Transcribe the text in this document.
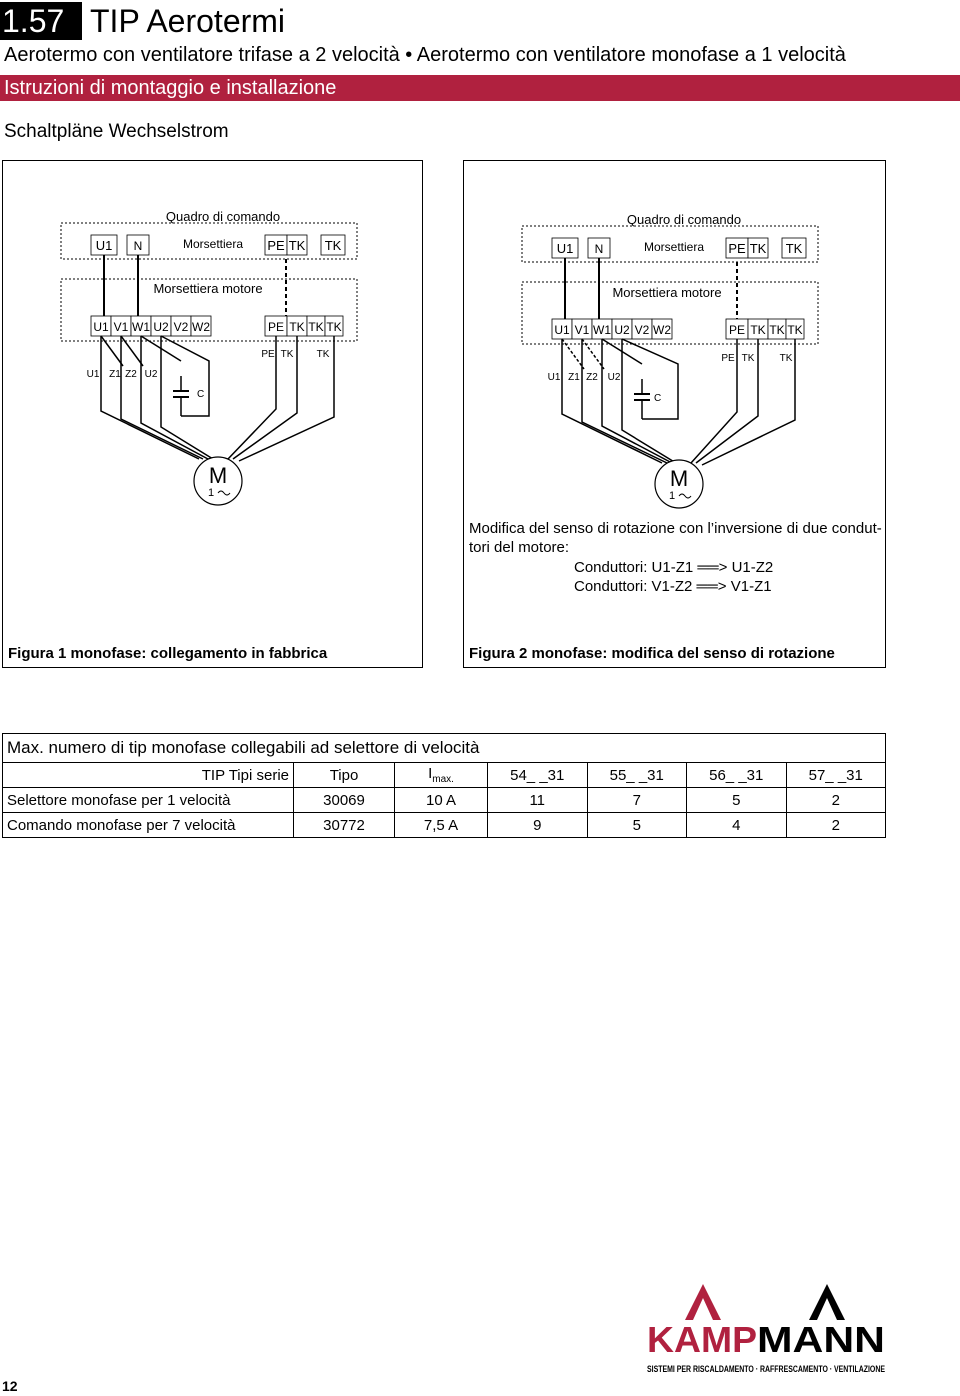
1.57 TIP Aerotermi
Aerotermo con ventilatore trifase a 2 velocità • Aerotermo con ventilatore monofase a 1 velocità
Istruzioni di montaggio e installazione
Schaltpläne Wechselstrom
Quadro di comando
U1 N	Morsettiera PE TK TK
Morsettiera motore
U1 V1 W1 U2 V2 W2	PE TK TK TK
U1 Z1 Z2 U2
PE TK TK
C
M
1
Figura 1 monofase: collegamento in fabbrica
Quadro di comando
U1 N	Morsettiera PE TK TK
Morsettiera motore
U1 V1 W1 U2 V2 W2	PE TK TK TK
U1 Z1 Z2 U2
PE TK	TK
C
M
1
Modifica del senso di rotazione con l’inversione di due condut-
tori del motore:
Conduttori: U1-Z1 ══> U1-Z2
Conduttori: V1-Z2 ══> V1-Z1
Figura 2 monofase: modifica del senso di rotazione
Max. numero di tip monofase collegabili ad selettore di velocità						
TIP Tipi serie	Tipo	$I_{max.}$	54_ _31	55_ _31	56_ _31	57_ _31
Selettore monofase per 1 velocità	30069	10 A	11	7	5	2
Comando monofase per 7 velocità	30772	7,5 A	9	5	4	2
KAMP MANN
SISTEMI PER RISCALDAMENTO · RAFFRESCAMENTO · VENTILAZIONE
12
